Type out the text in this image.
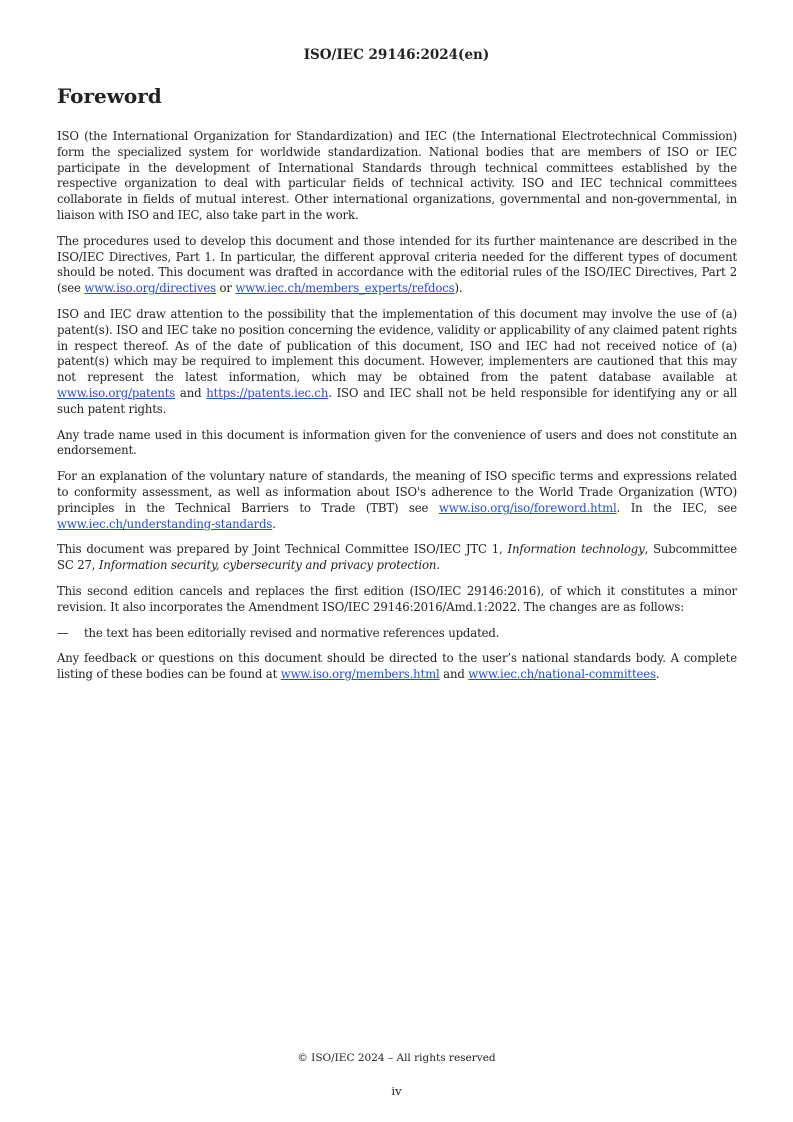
ISO/IEC 29146:2024(en)
Foreword

ISO (the International Organization for Standardization) and IEC (the International Electrotechnical Commission) form the specialized system for worldwide standardization. National bodies that are members of ISO or IEC participate in the development of International Standards through technical committees established by the respective organization to deal with particular fields of technical activity. ISO and IEC technical committees collaborate in fields of mutual interest. Other international organizations, governmental and non-governmental, in liaison with ISO and IEC, also take part in the work.

The procedures used to develop this document and those intended for its further maintenance are described in the ISO/IEC Directives, Part 1. In particular, the different approval criteria needed for the different types of document should be noted. This document was drafted in accordance with the editorial rules of the ISO/IEC Directives, Part 2 (see www.iso.org/directives or www.iec.ch/members_experts/refdocs).

ISO and IEC draw attention to the possibility that the implementation of this document may involve the use of (a) patent(s). ISO and IEC take no position concerning the evidence, validity or applicability of any claimed patent rights in respect thereof. As of the date of publication of this document, ISO and IEC had not received notice of (a) patent(s) which may be required to implement this document. However, implementers are cautioned that this may not represent the latest information, which may be obtained from the patent database available at www.iso.org/patents and https://patents.iec.ch. ISO and IEC shall not be held responsible for identifying any or all such patent rights.

Any trade name used in this document is information given for the convenience of users and does not constitute an endorsement.

For an explanation of the voluntary nature of standards, the meaning of ISO specific terms and expressions related to conformity assessment, as well as information about ISO's adherence to the World Trade Organization (WTO) principles in the Technical Barriers to Trade (TBT) see www.iso.org/iso/foreword.html. In the IEC, see www.iec.ch/understanding-standards.

This document was prepared by Joint Technical Committee ISO/IEC JTC 1, Information technology, Subcommittee SC 27, Information security, cybersecurity and privacy protection.

This second edition cancels and replaces the first edition (ISO/IEC 29146:2016), of which it constitutes a minor revision. It also incorporates the Amendment ISO/IEC 29146:2016/Amd.1:2022. The changes are as follows:

—	the text has been editorially revised and normative references updated.

Any feedback or questions on this document should be directed to the user’s national standards body. A complete listing of these bodies can be found at www.iso.org/members.html and www.iec.ch/national-committees.

© ISO/IEC 2024 – All rights reserved
iv
